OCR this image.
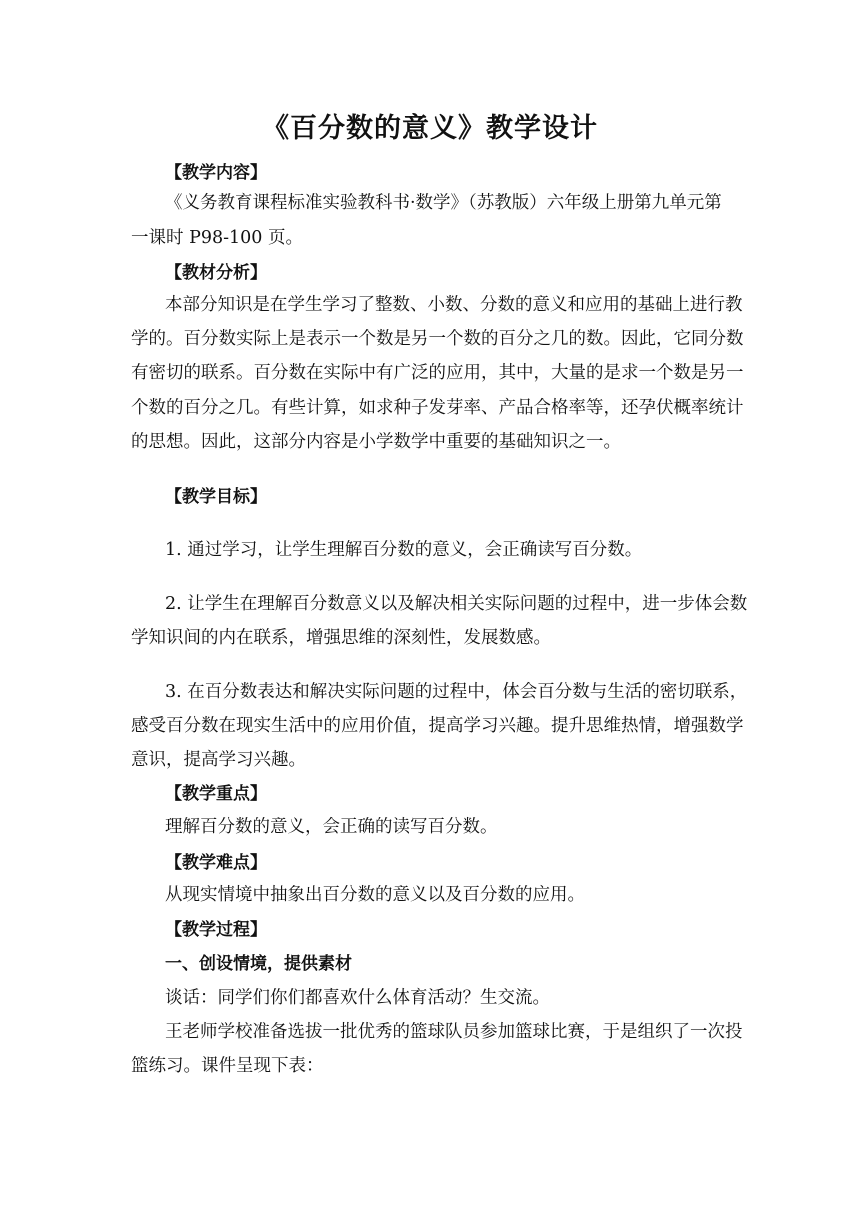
《百分数的意义》教学设计

【教学内容】

《义务教育课程标准实验教科书·数学》（苏教版）六年级上册第九单元第

一课时 P98-100 页。

【教材分析】

本部分知识是在学生学习了整数、小数、分数的意义和应用的基础上进行教

学的。百分数实际上是表示一个数是另一个数的百分之几的数。因此，它同分数

有密切的联系。百分数在实际中有广泛的应用，其中，大量的是求一个数是另一

个数的百分之几。有些计算，如求种子发芽率、产品合格率等，还孕伏概率统计

的思想。因此，这部分内容是小学数学中重要的基础知识之一。

【教学目标】

1. 通过学习，让学生理解百分数的意义，会正确读写百分数。

2. 让学生在理解百分数意义以及解决相关实际问题的过程中，进一步体会数

学知识间的内在联系，增强思维的深刻性，发展数感。

3. 在百分数表达和解决实际问题的过程中，体会百分数与生活的密切联系，

感受百分数在现实生活中的应用价值，提高学习兴趣。提升思维热情，增强数学

意识，提高学习兴趣。

【教学重点】

理解百分数的意义，会正确的读写百分数。

【教学难点】

从现实情境中抽象出百分数的意义以及百分数的应用。

【教学过程】

一、创设情境，提供素材

谈话：同学们你们都喜欢什么体育活动？生交流。

王老师学校准备选拔一批优秀的篮球队员参加篮球比赛，于是组织了一次投

篮练习。课件呈现下表：
